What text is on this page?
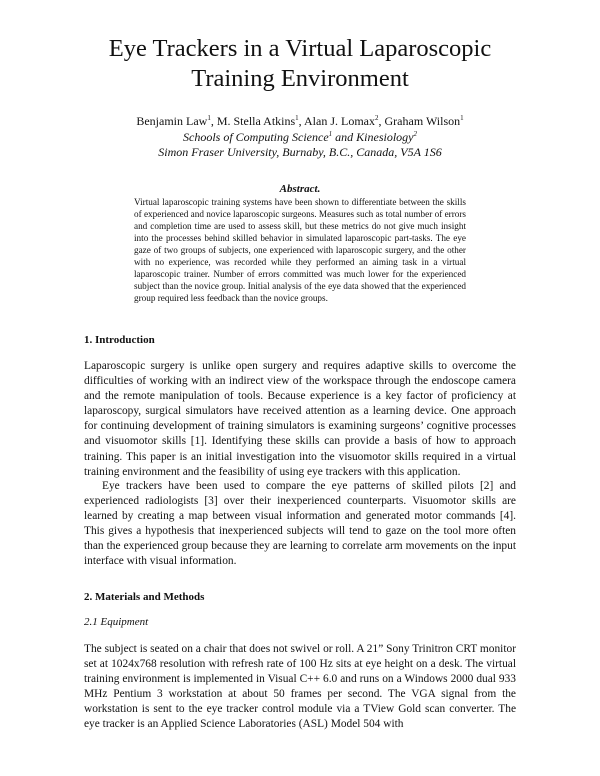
Eye Trackers in a Virtual Laparoscopic
Training Environment
Benjamin Law$^1$, M. Stella Atkins$^1$, Alan J. Lomax$^2$, Graham Wilson$^1$
Schools of Computing Science$^1$ and Kinesiology$^2$
Simon Fraser University, Burnaby, B.C., Canada, V5A 1S6
Abstract.
Virtual laparoscopic training systems have been shown to differentiate between the skills of experienced and novice laparoscopic surgeons. Measures such as total number of errors and completion time are used to assess skill, but these metrics do not give much insight into the processes behind skilled behavior in simulated laparoscopic part-tasks. The eye gaze of two groups of subjects, one experienced with laparoscopic surgery, and the other with no experience, was recorded while they performed an aiming task in a virtual laparoscopic trainer. Number of errors committed was much lower for the experienced subject than the novice group. Initial analysis of the eye data showed that the experienced group required less feedback than the novice groups.
1. Introduction

Laparoscopic surgery is unlike open surgery and requires adaptive skills to overcome the difficulties of working with an indirect view of the workspace through the endoscope camera and the remote manipulation of tools. Because experience is a key factor of proficiency at laparoscopy, surgical simulators have received attention as a learning device. One approach for continuing development of training simulators is examining surgeons’ cognitive processes and visuomotor skills [1]. Identifying these skills can provide a basis of how to approach training. This paper is an initial investigation into the visuomotor skills required in a virtual training environment and the feasibility of using eye trackers with this application.

Eye trackers have been used to compare the eye patterns of skilled pilots [2] and experienced radiologists [3] over their inexperienced counterparts. Visuomotor skills are learned by creating a map between visual information and generated motor commands [4]. This gives a hypothesis that inexperienced subjects will tend to gaze on the tool more often than the experienced group because they are learning to correlate arm movements on the input interface with visual information.

2. Materials and Methods
2.1 Equipment

The subject is seated on a chair that does not swivel or roll. A 21” Sony Trinitron CRT monitor set at 1024x768 resolution with refresh rate of 100 Hz sits at eye height on a desk. The virtual training environment is implemented in Visual C++ 6.0 and runs on a Windows 2000 dual 933 MHz Pentium 3 workstation at about 50 frames per second. The VGA signal from the workstation is sent to the eye tracker control module via a TView Gold scan converter. The eye tracker is an Applied Science Laboratories (ASL) Model 504 with
